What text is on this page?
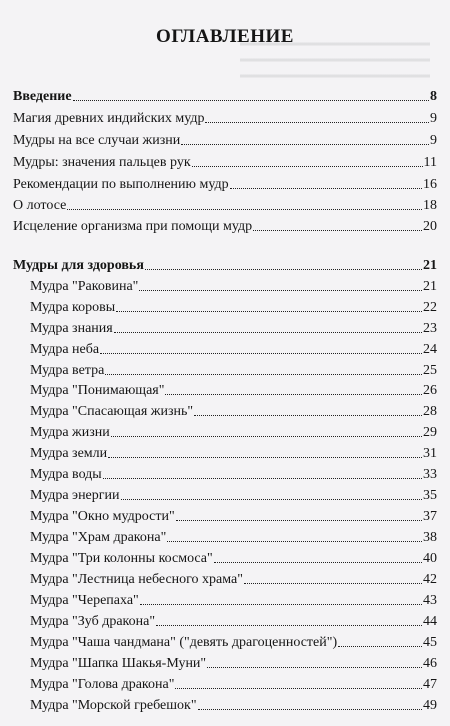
ОГЛАВЛЕНИЕ
Введение	8
Магия древних индийских мудр	9
Мудры на все случаи жизни	9
Мудры: значения пальцев рук	11
Рекомендации по выполнению мудр	16
О лотосе	18
Исцеление организма при помощи мудр	20
Мудры для здоровья	21
Мудра "Раковина"	21
Мудра коровы	22
Мудра знания	23
Мудра неба	24
Мудра ветра	25
Мудра "Понимающая"	26
Мудра "Спасающая жизнь"	28
Мудра жизни	29
Мудра земли	31
Мудра воды	33
Мудра энергии	35
Мудра "Окно мудрости"	37
Мудра "Храм дракона"	38
Мудра "Три колонны космоса"	40
Мудра "Лестница небесного храма"	42
Мудра "Черепаха"	43
Мудра "Зуб дракона"	44
Мудра "Чаша чандмана" ("девять драгоценностей")	45
Мудра "Шапка Шакья-Муни"	46
Мудра "Голова дракона"	47
Мудра "Морской гребешок"	49
